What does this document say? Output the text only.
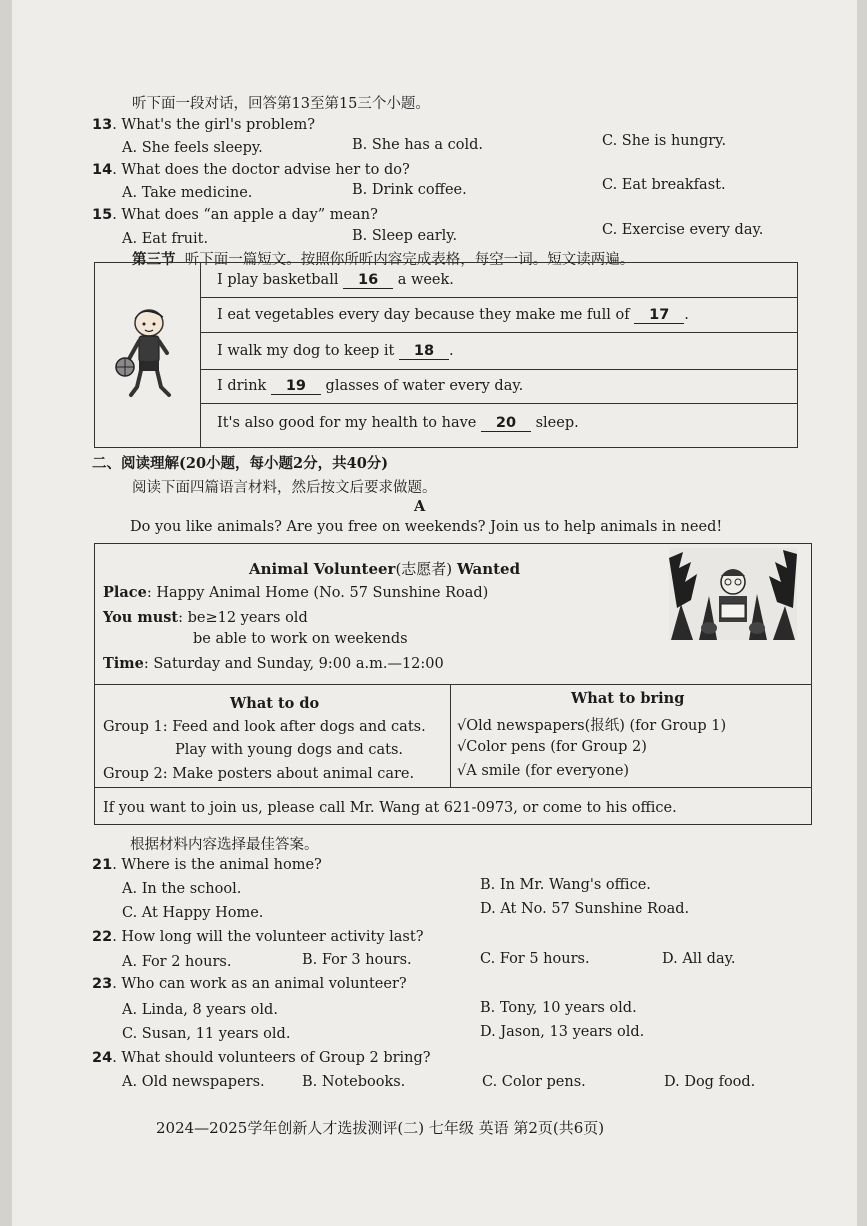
听下面一段对话，回答第13至第15三个小题。
13. What's the girl's problem?
A. She feels sleepy.	B. She has a cold.	C. She is hungry.
14. What does the doctor advise her to do?
A. Take medicine.	B. Drink coffee.	C. Eat breakfast.
15. What does “an apple a day” mean?
A. Eat fruit.	B. Sleep early.	C. Exercise every day.
第三节 听下面一篇短文。按照你所听内容完成表格，每空一词。短文读两遍。
I play basketball 16 a week.
I eat vegetables every day because they make me full of 17 .
I walk my dog to keep it 18 .
I drink 19 glasses of water every day.
It's also good for my health to have 20 sleep.
二、阅读理解(20小题，每小题2分，共40分)
阅读下面四篇语言材料，然后按文后要求做题。
A
Do you like animals? Are you free on weekends? Join us to help animals in need!
Animal Volunteer(志愿者) Wanted
Place: Happy Animal Home (No. 57 Sunshine Road)
You must: be≥12 years old
be able to work on weekends
Time: Saturday and Sunday, 9:00 a.m.—12:00
What to do
Group 1: Feed and look after dogs and cats.
Play with young dogs and cats.
Group 2: Make posters about animal care.
What to bring
√Old newspapers(报纸) (for Group 1)
√Color pens (for Group 2)
√A smile (for everyone)
If you want to join us, please call Mr. Wang at 621-0973, or come to his office.
根据材料内容选择最佳答案。
21. Where is the animal home?
A. In the school.	B. In Mr. Wang's office.
C. At Happy Home.	D. At No. 57 Sunshine Road.
22. How long will the volunteer activity last?
A. For 2 hours.	B. For 3 hours.	C. For 5 hours.	D. All day.
23. Who can work as an animal volunteer?
A. Linda, 8 years old.	B. Tony, 10 years old.
C. Susan, 11 years old.	D. Jason, 13 years old.
24. What should volunteers of Group 2 bring?
A. Old newspapers.	B. Notebooks.	C. Color pens.	D. Dog food.
2024—2025学年创新人才选拔测评(二) 七年级 英语 第2页(共6页)
